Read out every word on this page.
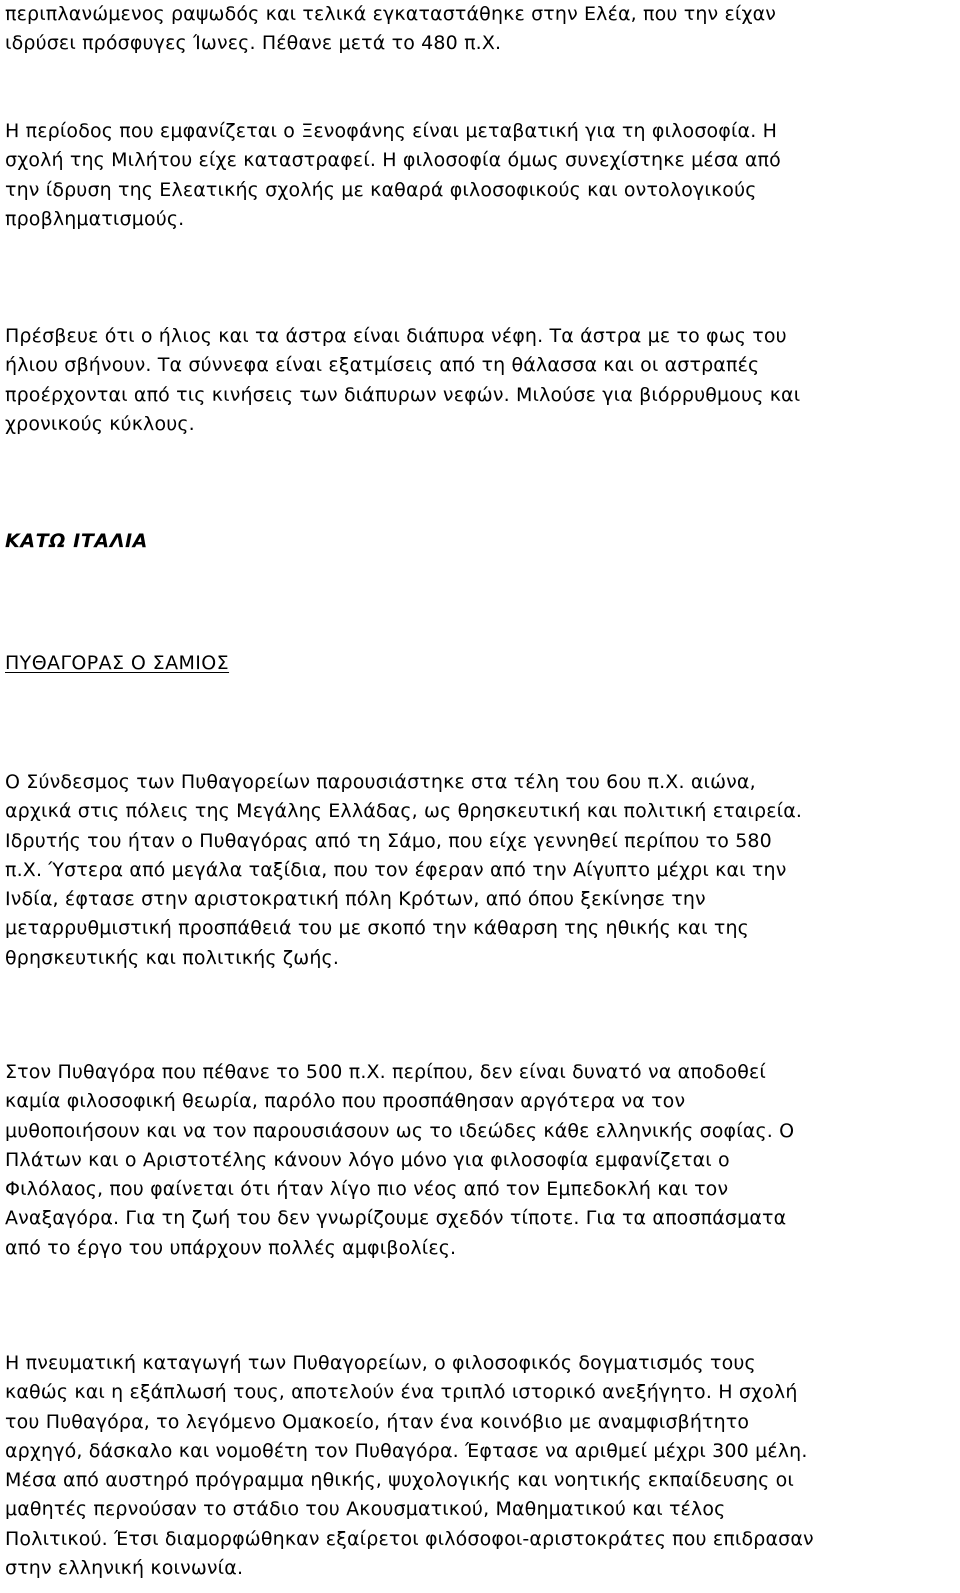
περιπλανώμενος ραψωδός και τελικά εγκαταστάθηκε στην Ελέα, που την είχαν
ιδρύσει πρόσφυγες Ίωνες. Πέθανε μετά το 480 π.Χ.
Η περίοδος που εμφανίζεται ο Ξενοφάνης είναι μεταβατική για τη φιλοσοφία. Η
σχολή της Μιλήτου είχε καταστραφεί. Η φιλοσοφία όμως συνεχίστηκε μέσα από
την ίδρυση της Ελεατικής σχολής με καθαρά φιλοσοφικούς και οντολογικούς
προβληματισμούς.
Πρέσβευε ότι ο ήλιος και τα άστρα είναι διάπυρα νέφη. Τα άστρα με το φως του
ήλιου σβήνουν. Τα σύννεφα είναι εξατμίσεις από τη θάλασσα και οι αστραπές
προέρχονται από τις κινήσεις των διάπυρων νεφών. Μιλούσε για βιόρρυθμους και
χρονικούς κύκλους.
ΚΑΤΩ ΙΤΑΛΙΑ
ΠΥΘΑΓΟΡΑΣ Ο ΣΑΜΙΟΣ
Ο Σύνδεσμος των Πυθαγορείων παρουσιάστηκε στα τέλη του 6ου π.Χ. αιώνα,
αρχικά στις πόλεις της Μεγάλης Ελλάδας, ως θρησκευτική και πολιτική εταιρεία.
Ιδρυτής του ήταν ο Πυθαγόρας από τη Σάμο, που είχε γεννηθεί περίπου το 580
π.Χ. Ύστερα από μεγάλα ταξίδια, που τον έφεραν από την Αίγυπτο μέχρι και την
Ινδία, έφτασε στην αριστοκρατική πόλη Κρότων, από όπου ξεκίνησε την
μεταρρυθμιστική προσπάθειά του με σκοπό την κάθαρση της ηθικής και της
θρησκευτικής και πολιτικής ζωής.
Στον Πυθαγόρα που πέθανε το 500 π.Χ. περίπου, δεν είναι δυνατό να αποδοθεί
καμία φιλοσοφική θεωρία, παρόλο που προσπάθησαν αργότερα να τον
μυθοποιήσουν και να τον παρουσιάσουν ως το ιδεώδες κάθε ελληνικής σοφίας. Ο
Πλάτων και ο Αριστοτέλης κάνουν λόγο μόνο για φιλοσοφία εμφανίζεται ο
Φιλόλαος, που φαίνεται ότι ήταν λίγο πιο νέος από τον Εμπεδοκλή και τον
Αναξαγόρα. Για τη ζωή του δεν γνωρίζουμε σχεδόν τίποτε. Για τα αποσπάσματα
από το έργο του υπάρχουν πολλές αμφιβολίες.
Η πνευματική καταγωγή των Πυθαγορείων, ο φιλοσοφικός δογματισμός τους
καθώς και η εξάπλωσή τους, αποτελούν ένα τριπλό ιστορικό ανεξήγητο. Η σχολή
του Πυθαγόρα, το λεγόμενο Ομακοείο, ήταν ένα κοινόβιο με αναμφισβήτητο
αρχηγό, δάσκαλο και νομοθέτη τον Πυθαγόρα. Έφτασε να αριθμεί μέχρι 300 μέλη.
Μέσα από αυστηρό πρόγραμμα ηθικής, ψυχολογικής και νοητικής εκπαίδευσης οι
μαθητές περνούσαν το στάδιο του Ακουσματικού, Μαθηματικού και τέλος
Πολιτικού. Έτσι διαμορφώθηκαν εξαίρετοι φιλόσοφοι-αριστοκράτες που επιδρασαν
στην ελληνική κοινωνία.
